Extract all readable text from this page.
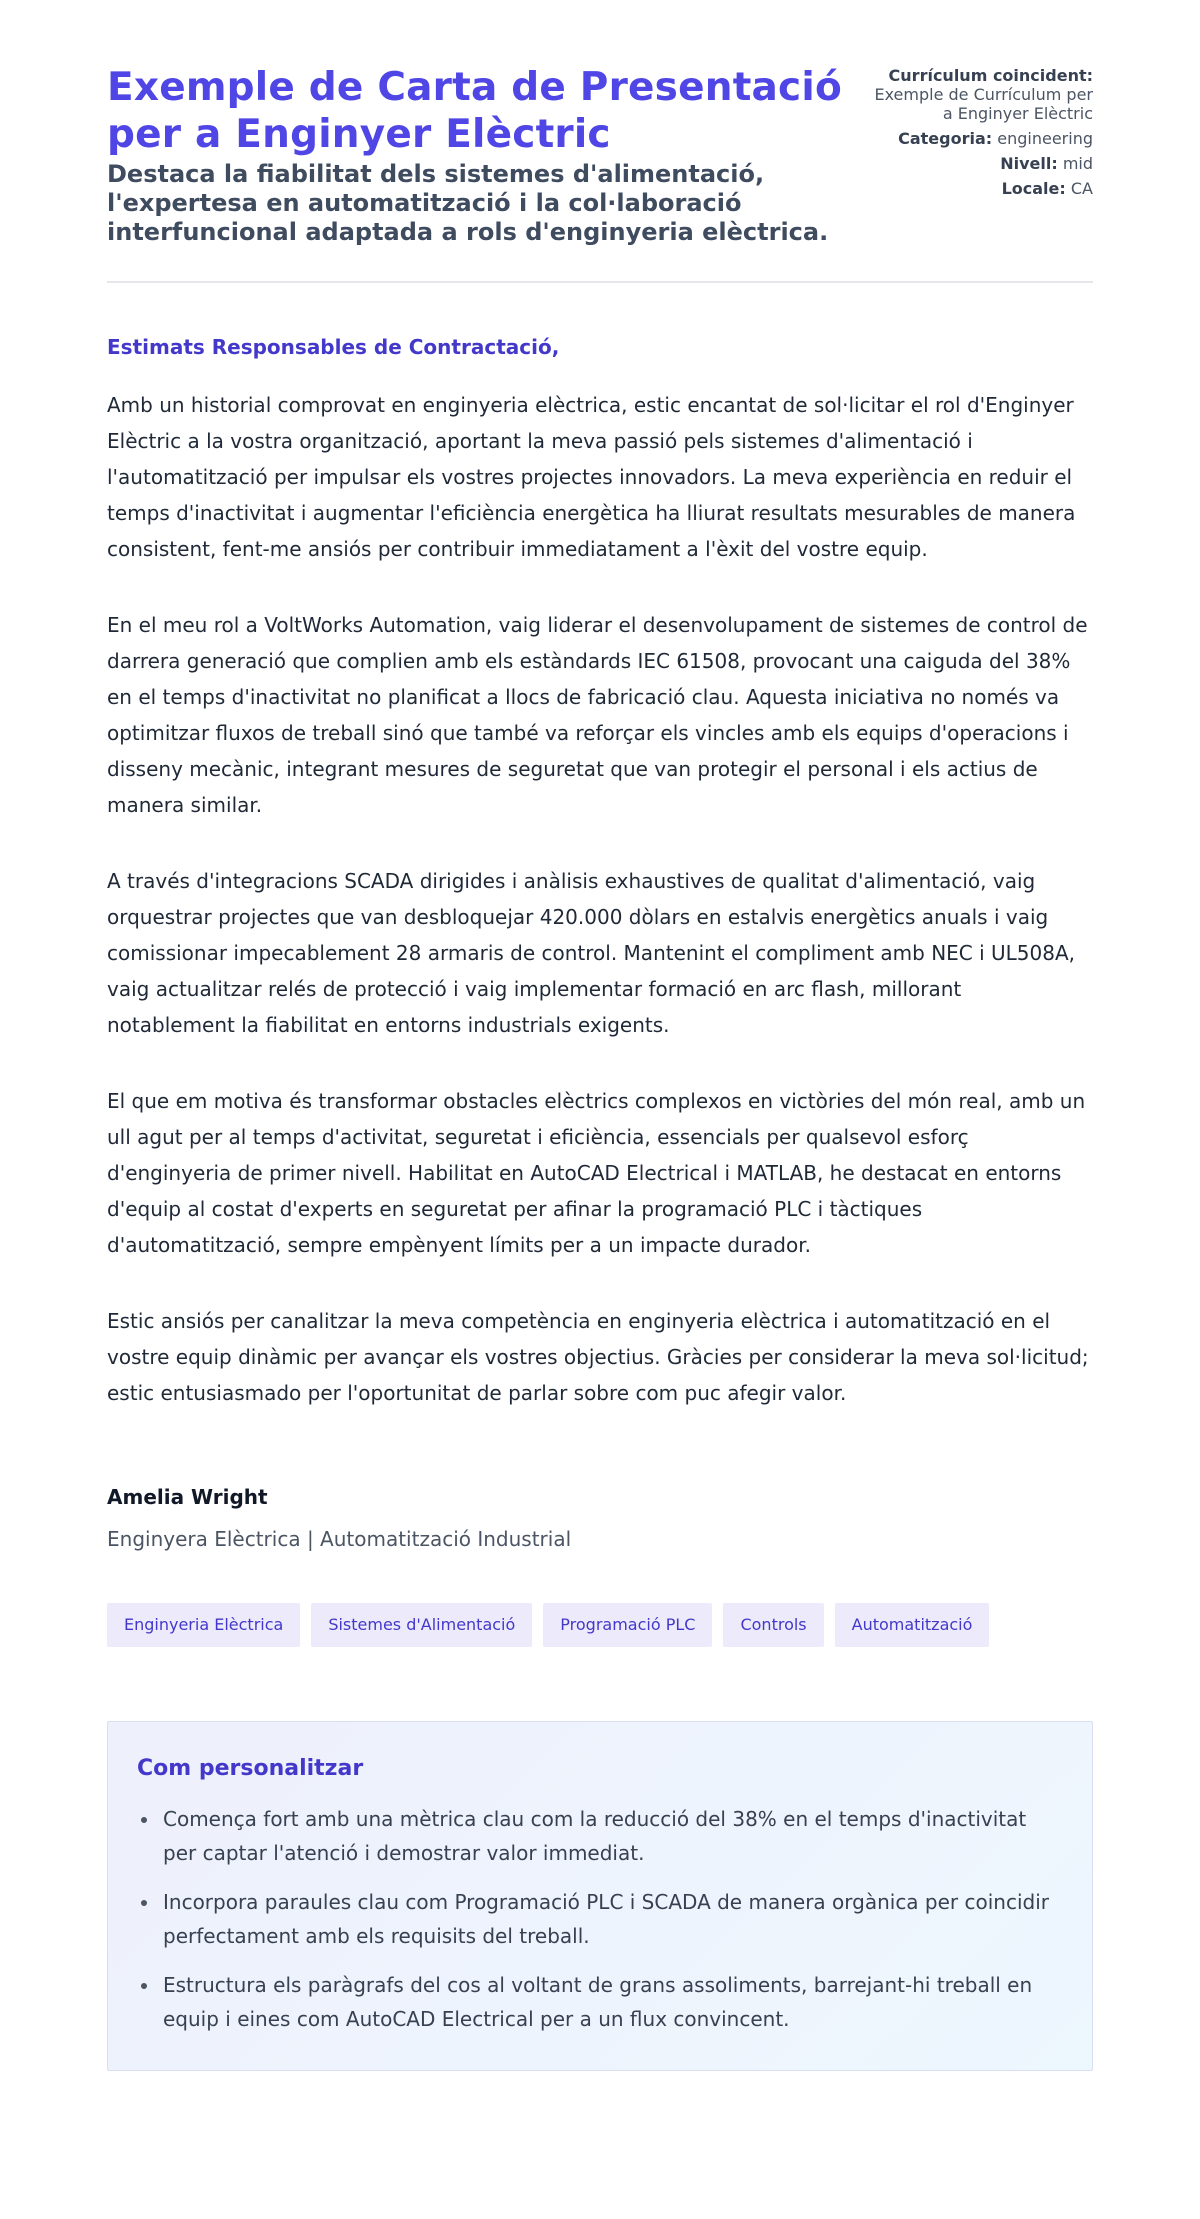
Exemple de Carta de Presentació per a Enginyer Elèctric
Destaca la fiabilitat dels sistemes d'alimentació, l'expertesa en automatització i la col·laboració interfuncional adaptada a rols d'enginyeria elèctrica.
Currículum coincident: Exemple de Currículum per a Enginyer Elèctric
Categoria: engineering
Nivell: mid
Locale: CA

Estimats Responsables de Contractació,

Amb un historial comprovat en enginyeria elèctrica, estic encantat de sol·licitar el rol d'Enginyer Elèctric a la vostra organització, aportant la meva passió pels sistemes d'alimentació i l'automatització per impulsar els vostres projectes innovadors. La meva experiència en reduir el temps d'inactivitat i augmentar l'eficiència energètica ha lliurat resultats mesurables de manera consistent, fent-me ansiós per contribuir immediatament a l'èxit del vostre equip.

En el meu rol a VoltWorks Automation, vaig liderar el desenvolupament de sistemes de control de darrera generació que complien amb els estàndards IEC 61508, provocant una caiguda del 38% en el temps d'inactivitat no planificat a llocs de fabricació clau. Aquesta iniciativa no només va optimitzar fluxos de treball sinó que també va reforçar els vincles amb els equips d'operacions i disseny mecànic, integrant mesures de seguretat que van protegir el personal i els actius de manera similar.

A través d'integracions SCADA dirigides i anàlisis exhaustives de qualitat d'alimentació, vaig orquestrar projectes que van desbloquejar 420.000 dòlars en estalvis energètics anuals i vaig comissionar impecablement 28 armaris de control. Mantenint el compliment amb NEC i UL508A, vaig actualitzar relés de protecció i vaig implementar formació en arc flash, millorant notablement la fiabilitat en entorns industrials exigents.

El que em motiva és transformar obstacles elèctrics complexos en victòries del món real, amb un ull agut per al temps d'activitat, seguretat i eficiència, essencials per qualsevol esforç d'enginyeria de primer nivell. Habilitat en AutoCAD Electrical i MATLAB, he destacat en entorns d'equip al costat d'experts en seguretat per afinar la programació PLC i tàctiques d'automatització, sempre empènyent límits per a un impacte durador.

Estic ansiós per canalitzar la meva competència en enginyeria elèctrica i automatització en el vostre equip dinàmic per avançar els vostres objectius. Gràcies per considerar la meva sol·licitud; estic entusiasmado per l'oportunitat de parlar sobre com puc afegir valor.

Amelia Wright
Enginyera Elèctrica | Automatització Industrial
Enginyeria Elèctrica	Sistemes d'Alimentació	Programació PLC	Controls	Automatització
Com personalitzar
Comença fort amb una mètrica clau com la reducció del 38% en el temps d'inactivitat per captar l'atenció i demostrar valor immediat.
Incorpora paraules clau com Programació PLC i SCADA de manera orgànica per coincidir perfectament amb els requisits del treball.
Estructura els paràgrafs del cos al voltant de grans assoliments, barrejant-hi treball en equip i eines com AutoCAD Electrical per a un flux convincent.
